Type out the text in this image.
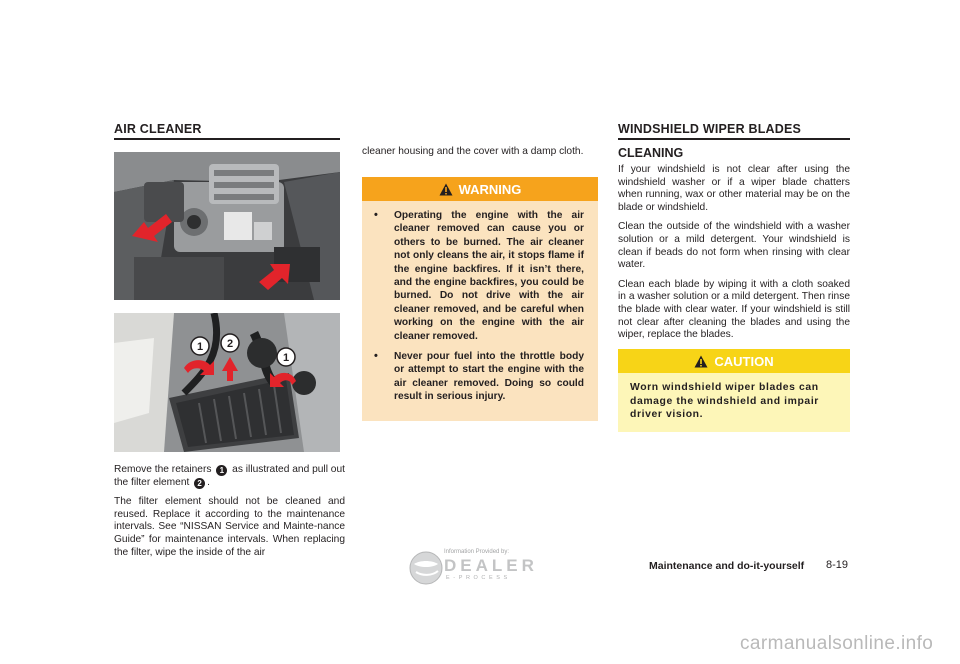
AIR CLEANER
1 2
1

Remove the retainers 1 as illustrated and pull out the filter element 2 .

The filter element should not be cleaned and reused. Replace it according to the maintenance intervals. See “NISSAN Service and Mainte-nance Guide” for maintenance intervals. When replacing the filter, wipe the inside of the air

cleaner housing and the cover with a damp cloth.

WARNING
• Operating the engine with the air cleaner removed can cause you or others to be burned. The air cleaner not only cleans the air, it stops flame if the engine backfires. If it isn’t there, and the engine backfires, you could be burned. Do not drive with the air cleaner removed, and be careful when working on the engine with the air cleaner removed.
• Never pour fuel into the throttle body or attempt to start the engine with the air cleaner removed. Doing so could result in serious injury.
WINDSHIELD WIPER BLADES
CLEANING

If your windshield is not clear after using the windshield washer or if a wiper blade chatters when running, wax or other material may be on the blade or windshield.

Clean the outside of the windshield with a washer solution or a mild detergent. Your windshield is clean if beads do not form when rinsing with clear water.

Clean each blade by wiping it with a cloth soaked in a washer solution or a mild detergent. Then rinse the blade with clear water. If your windshield is still not clear after cleaning the blades and using the wiper, replace the blades.

CAUTION
Worn windshield wiper blades can damage the windshield and impair driver vision.
Maintenance and do-it-yourself 8-19
Information Provided by:
DEALER
E-PROCESS
carmanualsonline.info
